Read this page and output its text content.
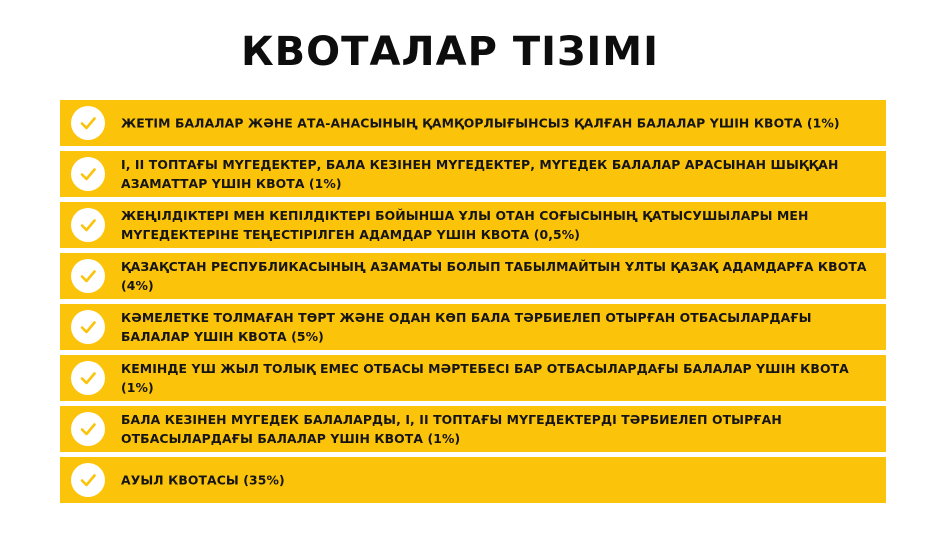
КВОТАЛАР ТІЗІМІ
ЖЕТІМ БАЛАЛАР ЖӘНЕ АТА-АНАСЫНЫҢ ҚАМҚОРЛЫҒЫНСЫЗ ҚАЛҒАН БАЛАЛАР ҮШІН КВОТА (1%)
I, II ТОПТАҒЫ МҮГЕДЕКТЕР, БАЛА КЕЗІНЕН МҮГЕДЕКТЕР, МҮГЕДЕК БАЛАЛАР АРАСЫНАН ШЫҚҚАН АЗАМАТТАР ҮШІН КВОТА (1%)
ЖЕҢІЛДІКТЕРІ МЕН КЕПІЛДІКТЕРІ БОЙЫНША ҰЛЫ ОТАН СОҒЫСЫНЫҢ ҚАТЫСУШЫЛАРЫ МЕН МҮГЕДЕКТЕРІНЕ ТЕҢЕСТІРІЛГЕН АДАМДАР ҮШІН КВОТА (0,5%)
ҚАЗАҚСТАН РЕСПУБЛИКАСЫНЫҢ АЗАМАТЫ БОЛЫП ТАБЫЛМАЙТЫН ҰЛТЫ ҚАЗАҚ АДАМДАРҒА КВОТА (4%)
КӘМЕЛЕТКЕ ТОЛМАҒАН ТӨРТ ЖӘНЕ ОДАН КӨП БАЛА ТӘРБИЕЛЕП ОТЫРҒАН ОТБАСЫЛАРДАҒЫ БАЛАЛАР ҮШІН КВОТА (5%)
КЕМІНДЕ ҮШ ЖЫЛ ТОЛЫҚ ЕМЕС ОТБАСЫ МӘРТЕБЕСІ БАР ОТБАСЫЛАРДАҒЫ БАЛАЛАР ҮШІН КВОТА (1%)
БАЛА КЕЗІНЕН МҮГЕДЕК БАЛАЛАРДЫ, I, II ТОПТАҒЫ МҮГЕДЕКТЕРДІ ТӘРБИЕЛЕП ОТЫРҒАН ОТБАСЫЛАРДАҒЫ БАЛАЛАР ҮШІН КВОТА (1%)
АУЫЛ КВОТАСЫ (35%)
